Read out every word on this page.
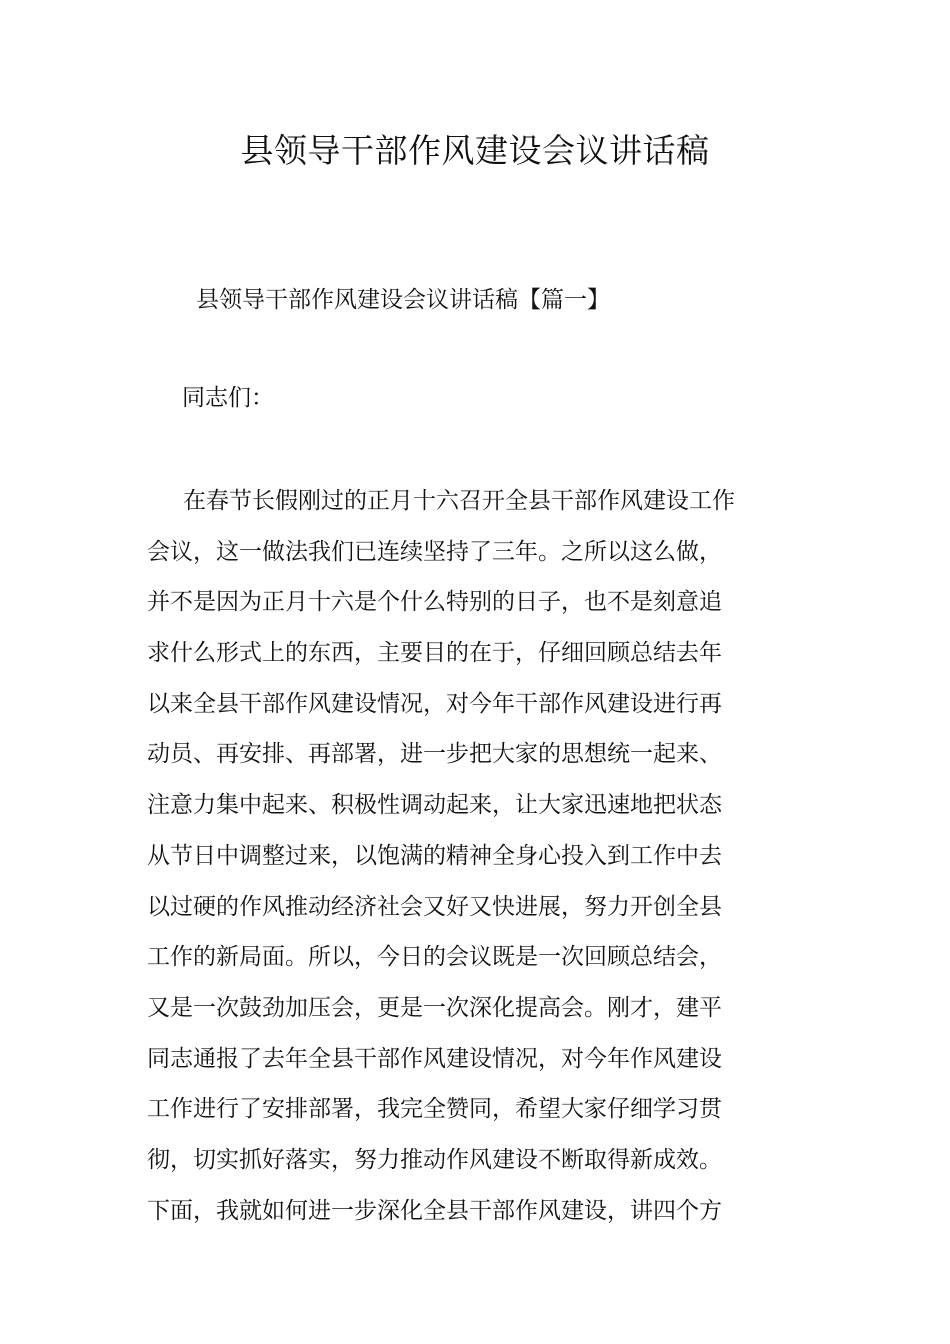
县领导干部作风建设会议讲话稿
县领导干部作风建设会议讲话稿【篇一】
同志们：
在春节长假刚过的正月十六召开全县干部作风建设工作
会议，这一做法我们已连续坚持了三年。之所以这么做，
并不是因为正月十六是个什么特别的日子，也不是刻意追
求什么形式上的东西，主要目的在于，仔细回顾总结去年
以来全县干部作风建设情况，对今年干部作风建设进行再
动员、再安排、再部署，进一步把大家的思想统一起来、
注意力集中起来、积极性调动起来，让大家迅速地把状态
从节日中调整过来，以饱满的精神全身心投入到工作中去
以过硬的作风推动经济社会又好又快进展，努力开创全县
工作的新局面。所以，今日的会议既是一次回顾总结会，
又是一次鼓劲加压会，更是一次深化提高会。刚才，建平
同志通报了去年全县干部作风建设情况，对今年作风建设
工作进行了安排部署，我完全赞同，希望大家仔细学习贯
彻，切实抓好落实，努力推动作风建设不断取得新成效。
下面，我就如何进一步深化全县干部作风建设，讲四个方
